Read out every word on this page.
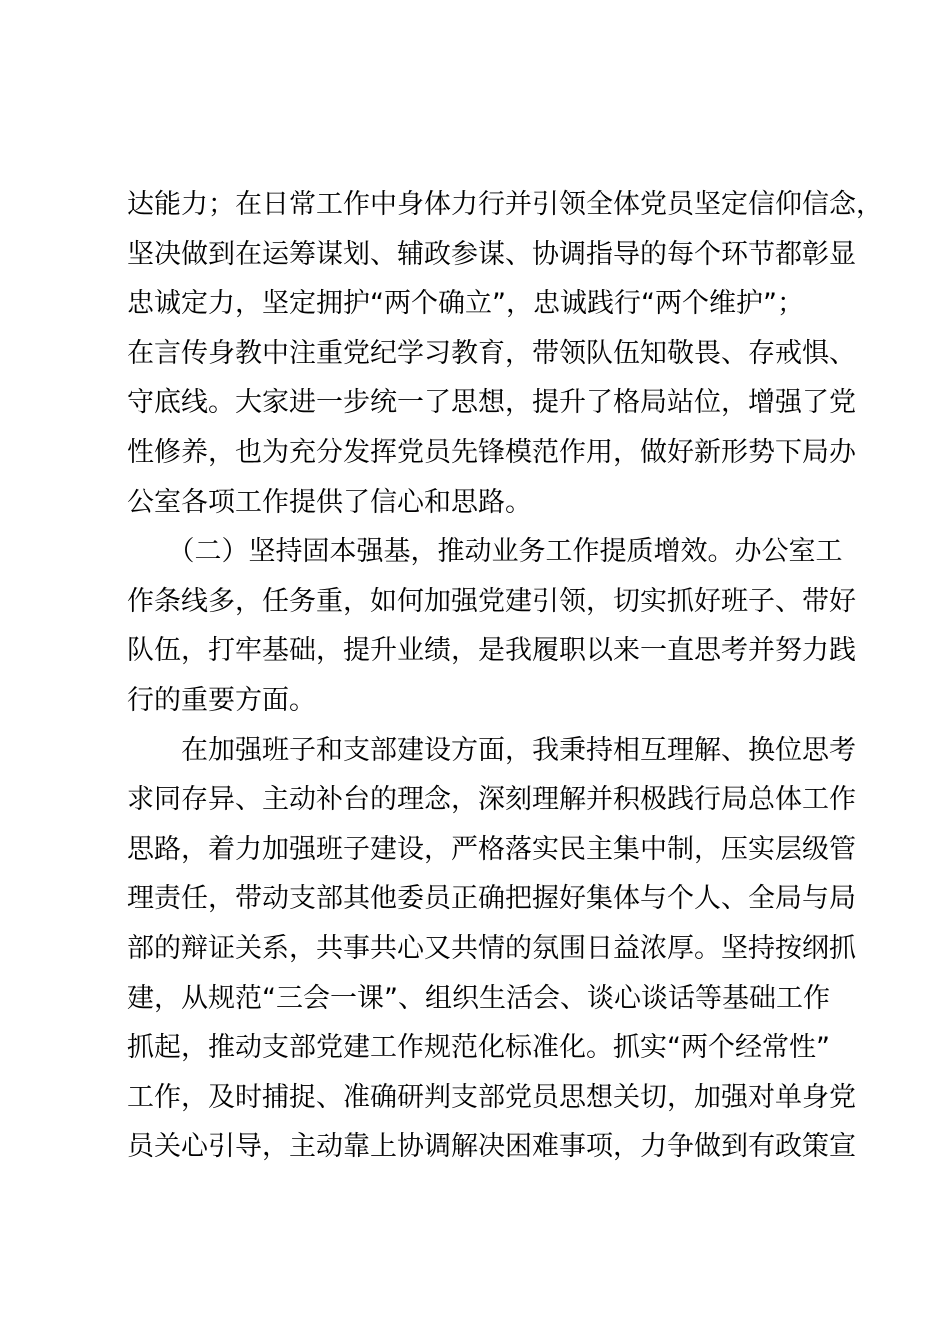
达能力；在日常工作中身体力行并引领全体党员坚定信仰信念，
坚决做到在运筹谋划、辅政参谋、协调指导的每个环节都彰显
忠诚定力，坚定拥护“两个确立”，忠诚践行“两个维护”；
在言传身教中注重党纪学习教育，带领队伍知敬畏、存戒惧、
守底线。大家进一步统一了思想，提升了格局站位，增强了党
性修养，也为充分发挥党员先锋模范作用，做好新形势下局办
公室各项工作提供了信心和思路。
　　（二）坚持固本强基，推动业务工作提质增效。办公室工
作条线多，任务重，如何加强党建引领，切实抓好班子、带好
队伍，打牢基础，提升业绩，是我履职以来一直思考并努力践
行的重要方面。
　　在加强班子和支部建设方面，我秉持相互理解、换位思考
求同存异、主动补台的理念，深刻理解并积极践行局总体工作
思路，着力加强班子建设，严格落实民主集中制，压实层级管
理责任，带动支部其他委员正确把握好集体与个人、全局与局
部的辩证关系，共事共心又共情的氛围日益浓厚。坚持按纲抓
建，从规范“三会一课”、组织生活会、谈心谈话等基础工作
抓起，推动支部党建工作规范化标准化。抓实“两个经常性”
工作，及时捕捉、准确研判支部党员思想关切，加强对单身党
员关心引导，主动靠上协调解决困难事项，力争做到有政策宣
